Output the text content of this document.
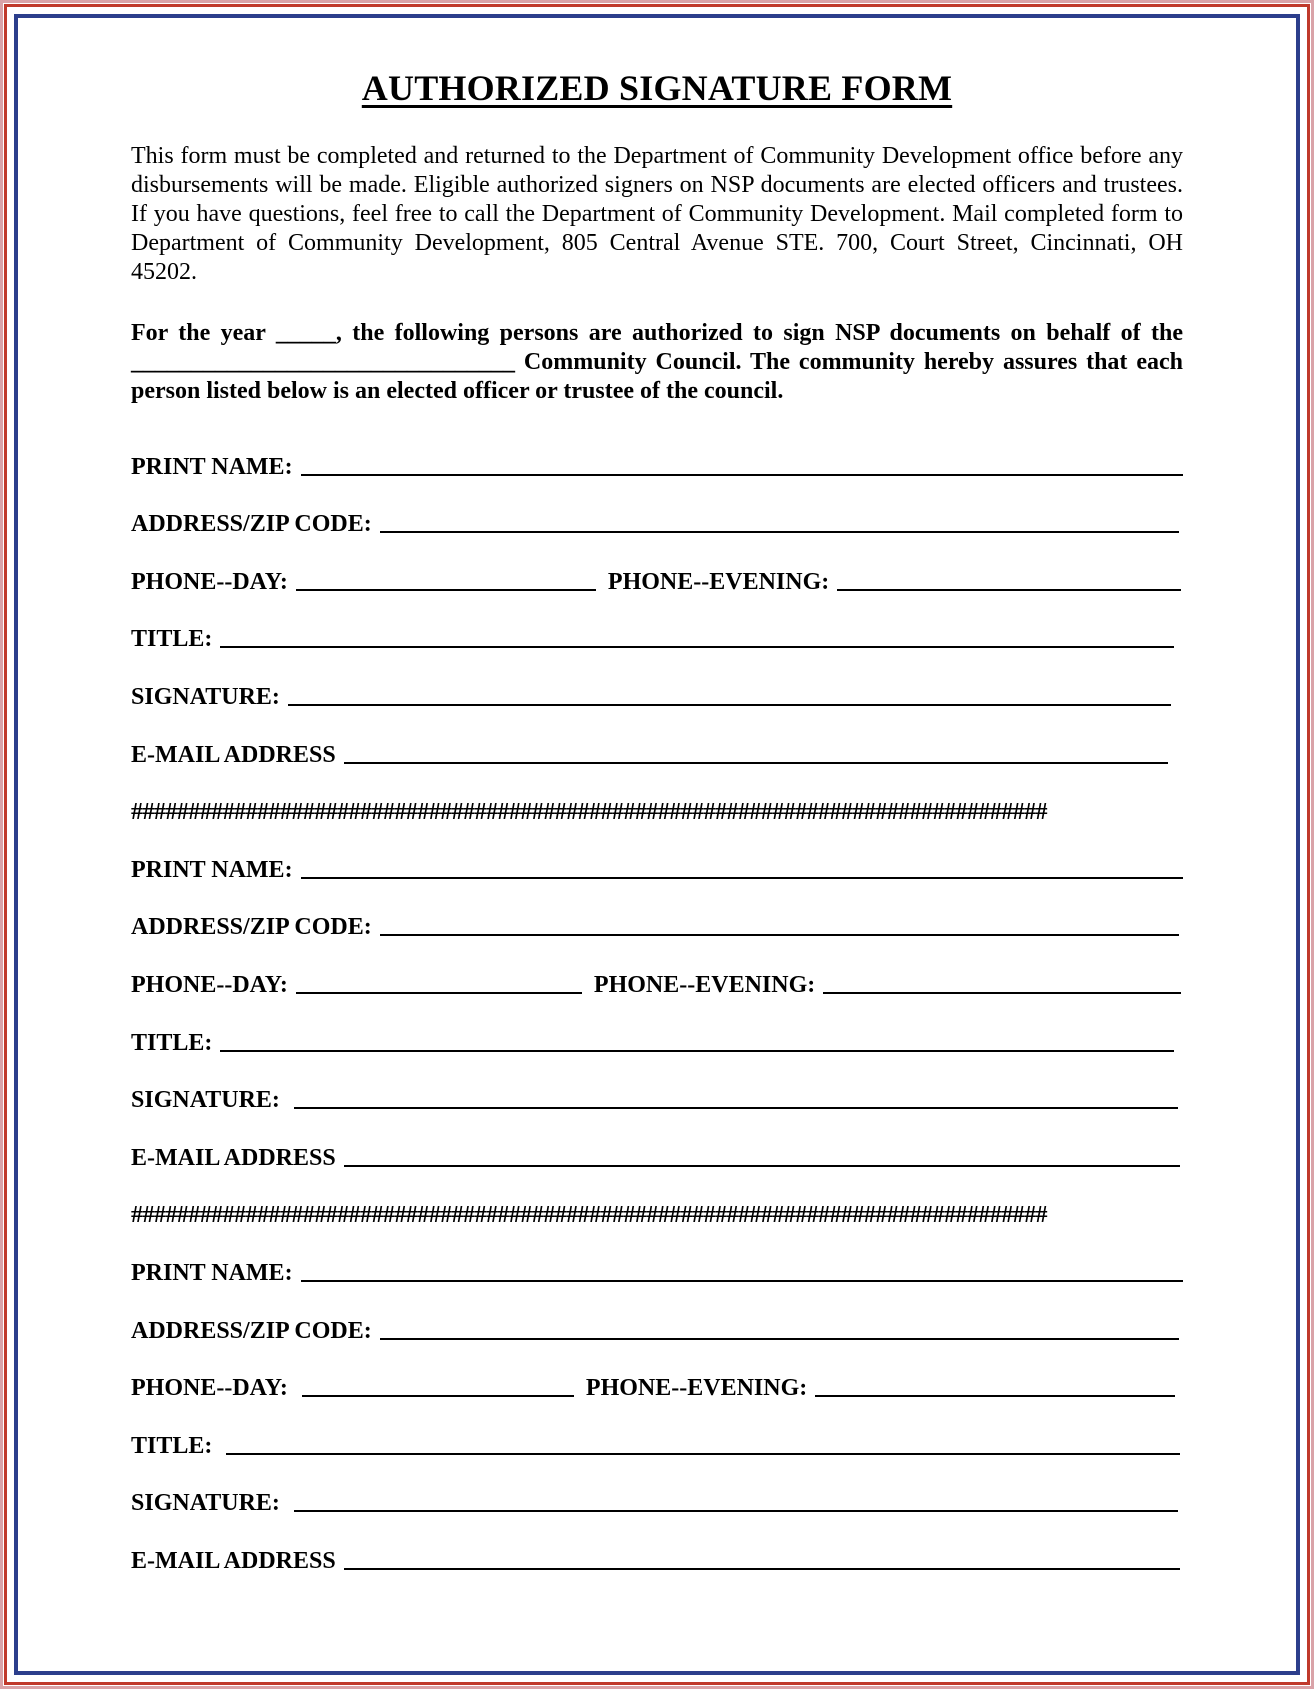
AUTHORIZED SIGNATURE FORM

This form must be completed and returned to the Department of Community Development office before any disbursements will be made. Eligible authorized signers on NSP documents are elected officers and trustees. If you have questions, feel free to call the Department of Community Development. Mail completed form to Department of Community Development, 805 Central Avenue STE. 700, Court Street, Cincinnati, OH 45202.

For the year _____, the following persons are authorized to sign NSP documents on behalf of the ________________________________ Community Council. The community hereby assures that each person listed below is an elected officer or trustee of the council.

PRINT NAME:
ADDRESS/ZIP CODE:
PHONE--DAY:	PHONE--EVENING:
TITLE:
SIGNATURE:
E-MAIL ADDRESS
################################################################################
PRINT NAME:
ADDRESS/ZIP CODE:
PHONE--DAY:	PHONE--EVENING:
TITLE:
SIGNATURE:
E-MAIL ADDRESS
################################################################################
PRINT NAME:
ADDRESS/ZIP CODE:
PHONE--DAY:	PHONE--EVENING:
TITLE:
SIGNATURE:
E-MAIL ADDRESS
